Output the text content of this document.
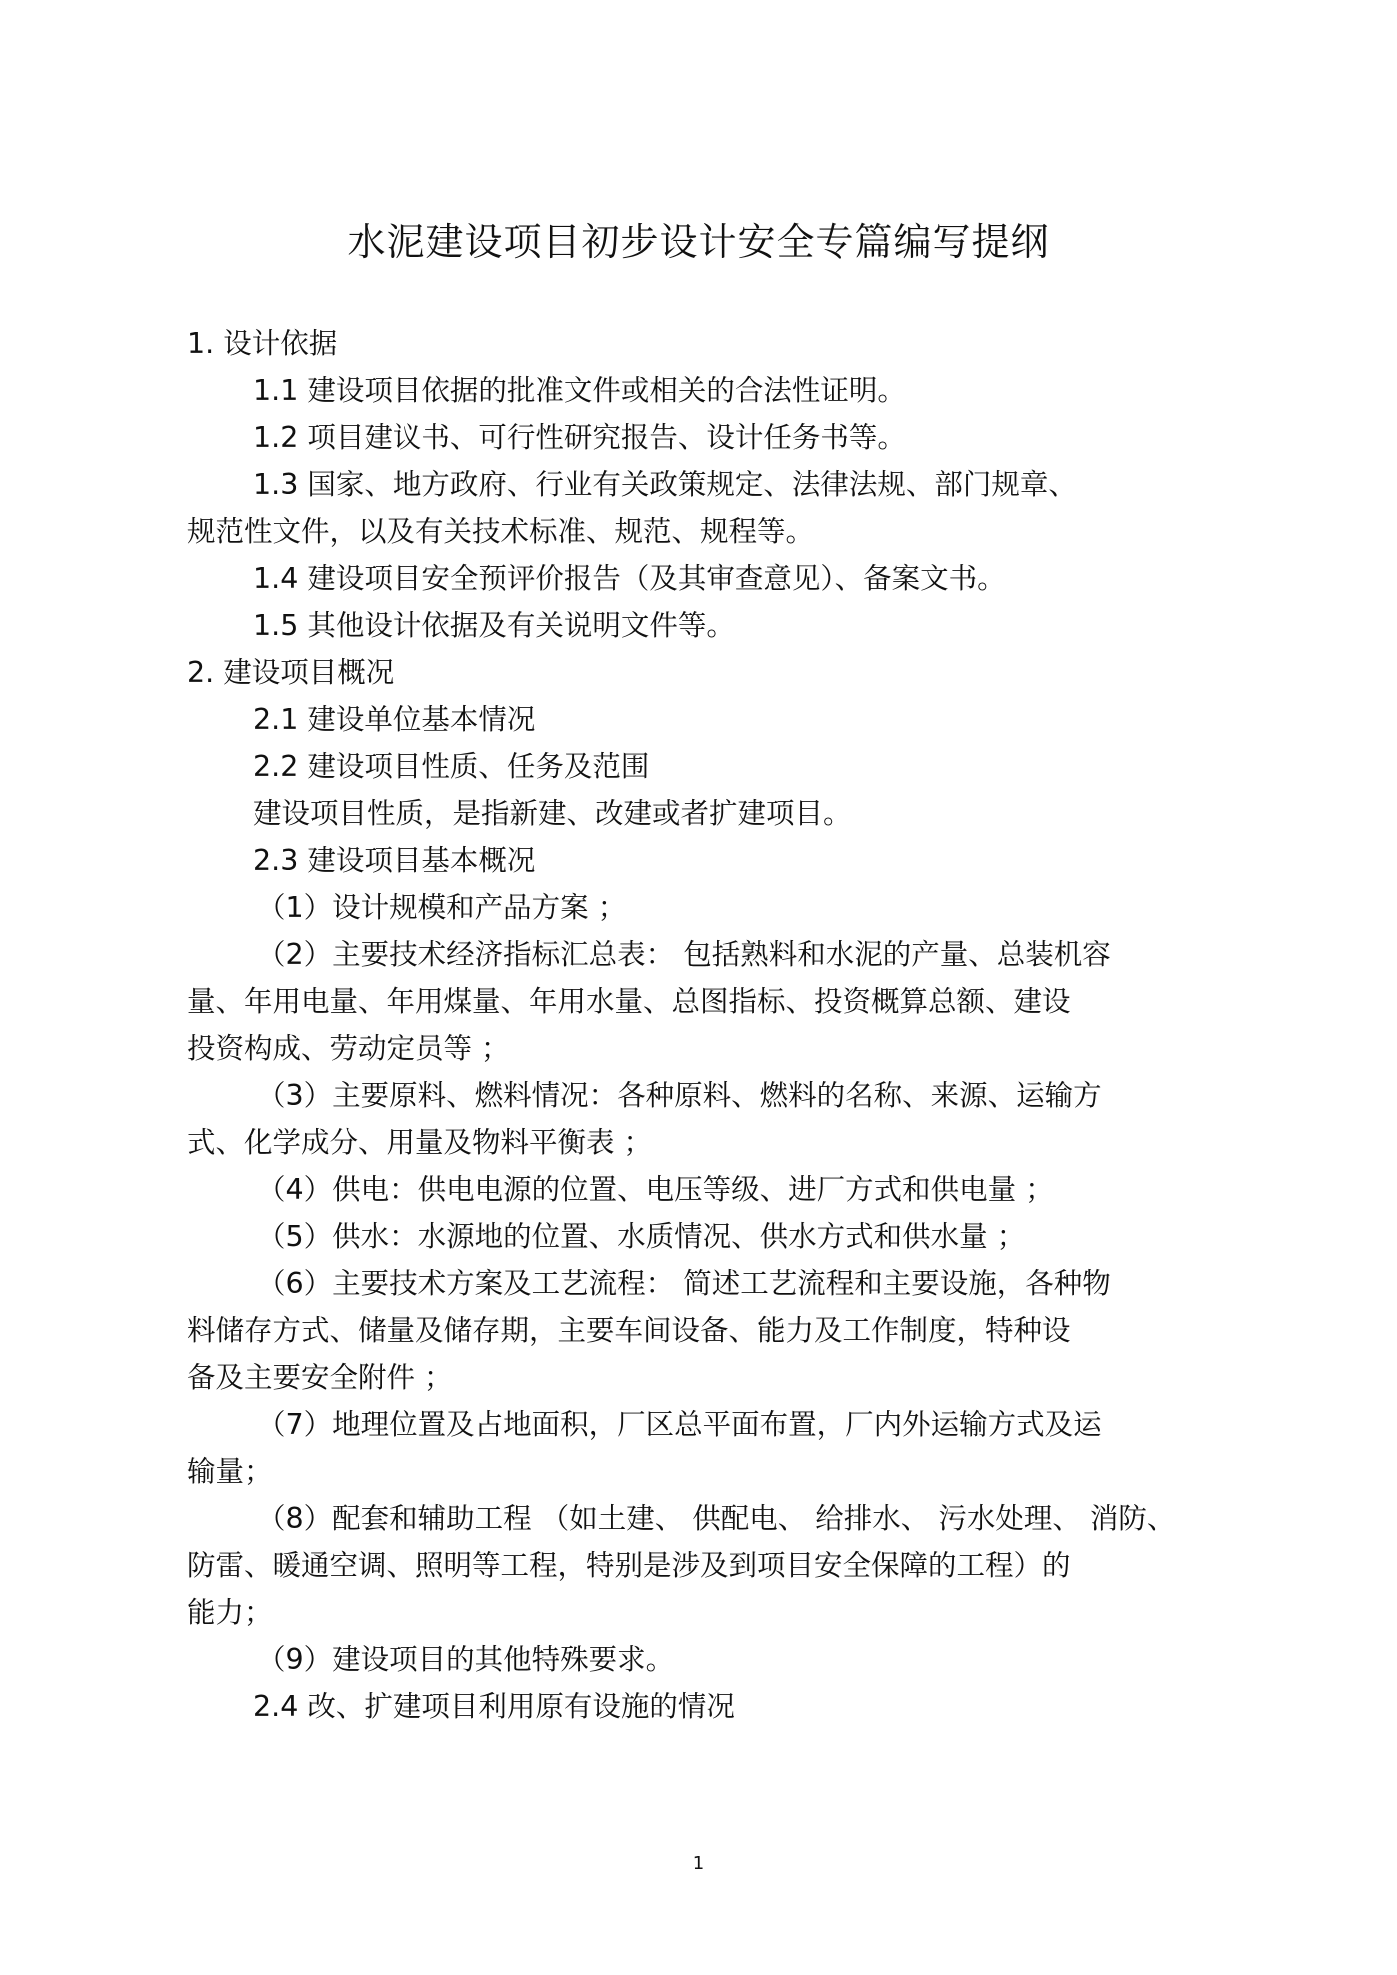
水泥建设项目初步设计安全专篇编写提纲
1. 设计依据
1.1 建设项目依据的批准文件或相关的合法性证明。
1.2 项目建议书、可行性研究报告、设计任务书等。
1.3 国家、地方政府、行业有关政策规定、法律法规、部门规章、
规范性文件，以及有关技术标准、规范、规程等。
1.4 建设项目安全预评价报告（及其审查意见）、备案文书。
1.5 其他设计依据及有关说明文件等。
2. 建设项目概况
2.1 建设单位基本情况
2.2 建设项目性质、任务及范围
建设项目性质，是指新建、改建或者扩建项目。
2.3 建设项目基本概况
（1）设计规模和产品方案 ；
（2）主要技术经济指标汇总表： 包括熟料和水泥的产量、总装机容
量、年用电量、年用煤量、年用水量、总图指标、投资概算总额、建设
投资构成、劳动定员等 ；
（3）主要原料、燃料情况：各种原料、燃料的名称、来源、运输方
式、化学成分、用量及物料平衡表 ；
（4）供电：供电电源的位置、电压等级、进厂方式和供电量 ；
（5）供水：水源地的位置、水质情况、供水方式和供水量 ；
（6）主要技术方案及工艺流程： 简述工艺流程和主要设施，各种物
料储存方式、储量及储存期，主要车间设备、能力及工作制度，特种设
备及主要安全附件 ；
（7）地理位置及占地面积，厂区总平面布置，厂内外运输方式及运
输量；
（8）配套和辅助工程 （如土建、 供配电、 给排水、 污水处理、 消防、
防雷、暖通空调、照明等工程，特别是涉及到项目安全保障的工程）的
能力；
（9）建设项目的其他特殊要求。
2.4 改、扩建项目利用原有设施的情况
1
